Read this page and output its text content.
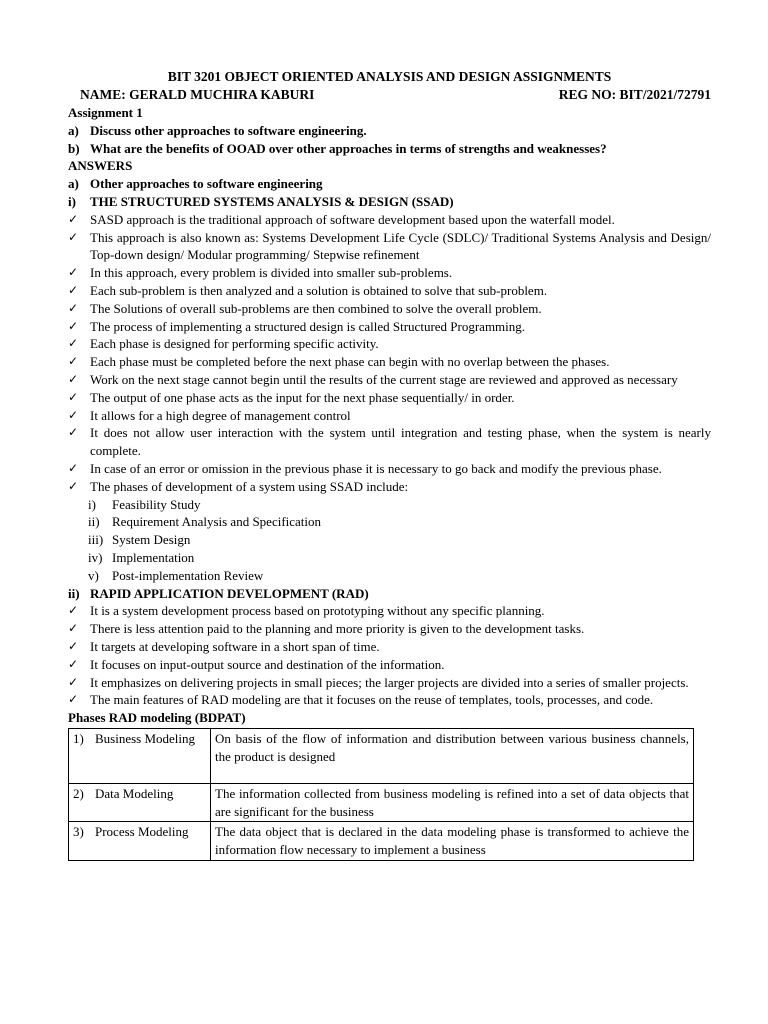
BIT 3201 OBJECT ORIENTED ANALYSIS AND DESIGN ASSIGNMENTS
NAME: GERALD MUCHIRA KABURI	REG NO: BIT/2021/72791
Assignment 1
a) Discuss other approaches to software engineering.
b) What are the benefits of OOAD over other approaches in terms of strengths and weaknesses?
ANSWERS
a) Other approaches to software engineering
i)	THE STRUCTURED SYSTEMS ANALYSIS & DESIGN (SSAD)
✓ SASD approach is the traditional approach of software development based upon the waterfall model.
✓ This approach is also known as: Systems Development Life Cycle (SDLC)/ Traditional Systems Analysis and Design/ Top-down design/ Modular programming/ Stepwise refinement
✓ In this approach, every problem is divided into smaller sub-problems.
✓ Each sub-problem is then analyzed and a solution is obtained to solve that sub-problem.
✓ The Solutions of overall sub-problems are then combined to solve the overall problem.
✓ The process of implementing a structured design is called Structured Programming.
✓ Each phase is designed for performing specific activity.
✓ Each phase must be completed before the next phase can begin with no overlap between the phases.
✓ Work on the next stage cannot begin until the results of the current stage are reviewed and approved as necessary
✓ The output of one phase acts as the input for the next phase sequentially/ in order.
✓ It allows for a high degree of management control
✓ It does not allow user interaction with the system until integration and testing phase, when the system is nearly complete.
✓ In case of an error or omission in the previous phase it is necessary to go back and modify the previous phase.
✓ The phases of development of a system using SSAD include:
i)	Feasibility Study
ii) Requirement Analysis and Specification
iii) System Design
iv) Implementation
v)	Post-implementation Review
ii) RAPID APPLICATION DEVELOPMENT (RAD)
✓ It is a system development process based on prototyping without any specific planning.
✓ There is less attention paid to the planning and more priority is given to the development tasks.
✓ It targets at developing software in a short span of time.
✓ It focuses on input-output source and destination of the information.
✓ It emphasizes on delivering projects in small pieces; the larger projects are divided into a series of smaller projects.
✓ The main features of RAD modeling are that it focuses on the reuse of templates, tools, processes, and code.
Phases RAD modeling (BDPAT)
1) Business Modeling	On basis of the flow of information and distribution between various business channels, the product is designed

2) Data Modeling	The information collected from business modeling is refined into a set of data objects that are significant for the business

3) Process Modeling	The data object that is declared in the data modeling phase is transformed to achieve the information flow necessary to implement a business
